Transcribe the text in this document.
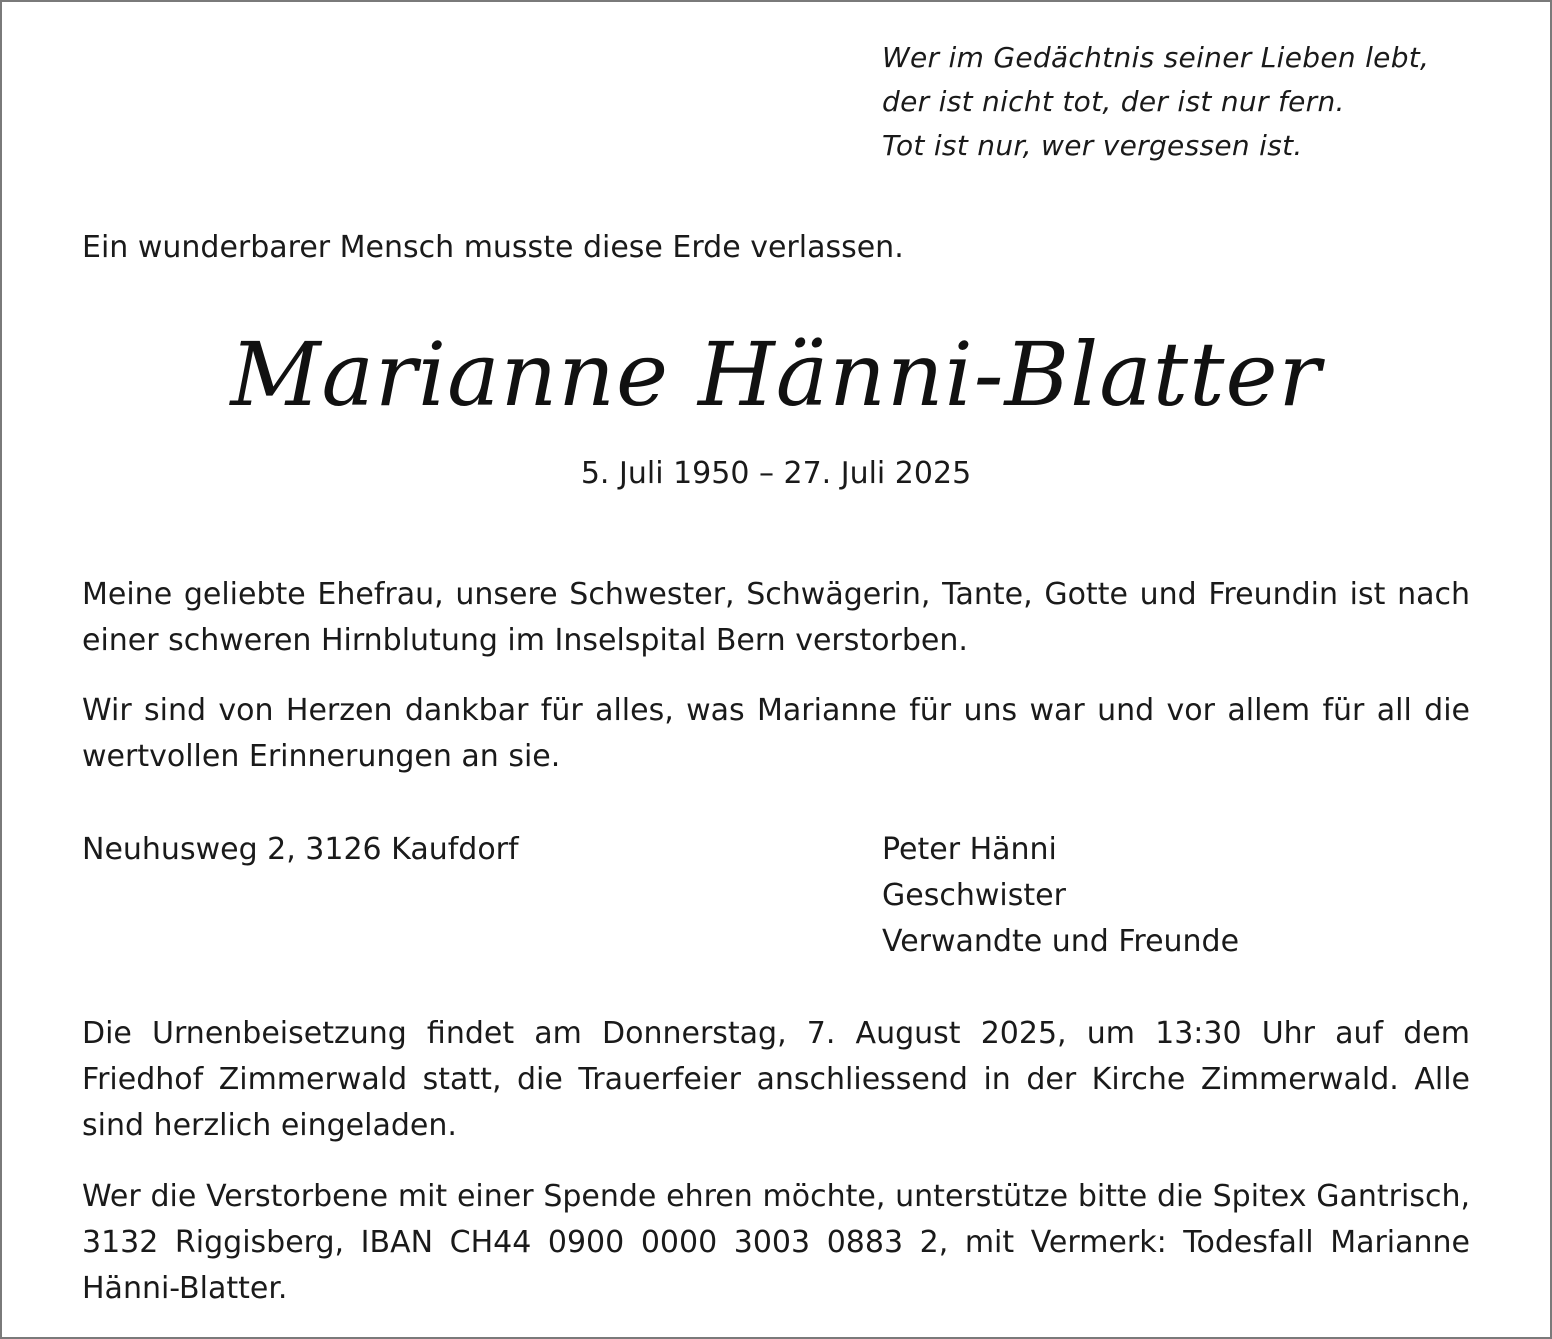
Wer im Gedächtnis seiner Lieben lebt,
der ist nicht tot, der ist nur fern.
Tot ist nur, wer vergessen ist.
Ein wunderbarer Mensch musste diese Erde verlassen.
Marianne Hänni-Blatter
5. Juli 1950 – 27. Juli 2025
Meine geliebte Ehefrau, unsere Schwester, Schwägerin, Tante, Gotte und Freundin ist nach einer schweren Hirnblutung im Inselspital Bern verstorben.
Wir sind von Herzen dankbar für alles, was Marianne für uns war und vor allem für all die wertvollen Erinnerungen an sie.
Neuhusweg 2, 3126 Kaufdorf	Peter Hänni
Geschwister
Verwandte und Freunde
Die Urnenbeisetzung findet am Donnerstag, 7. August 2025, um 13:30 Uhr auf dem Friedhof Zimmerwald statt, die Trauerfeier anschliessend in der Kirche Zimmerwald. Alle sind herzlich eingeladen.
Wer die Verstorbene mit einer Spende ehren möchte, unterstütze bitte die Spitex Gantrisch, 3132 Riggisberg, IBAN CH44 0900 0000 3003 0883 2, mit Vermerk: Todesfall Marianne Hänni-Blatter.
